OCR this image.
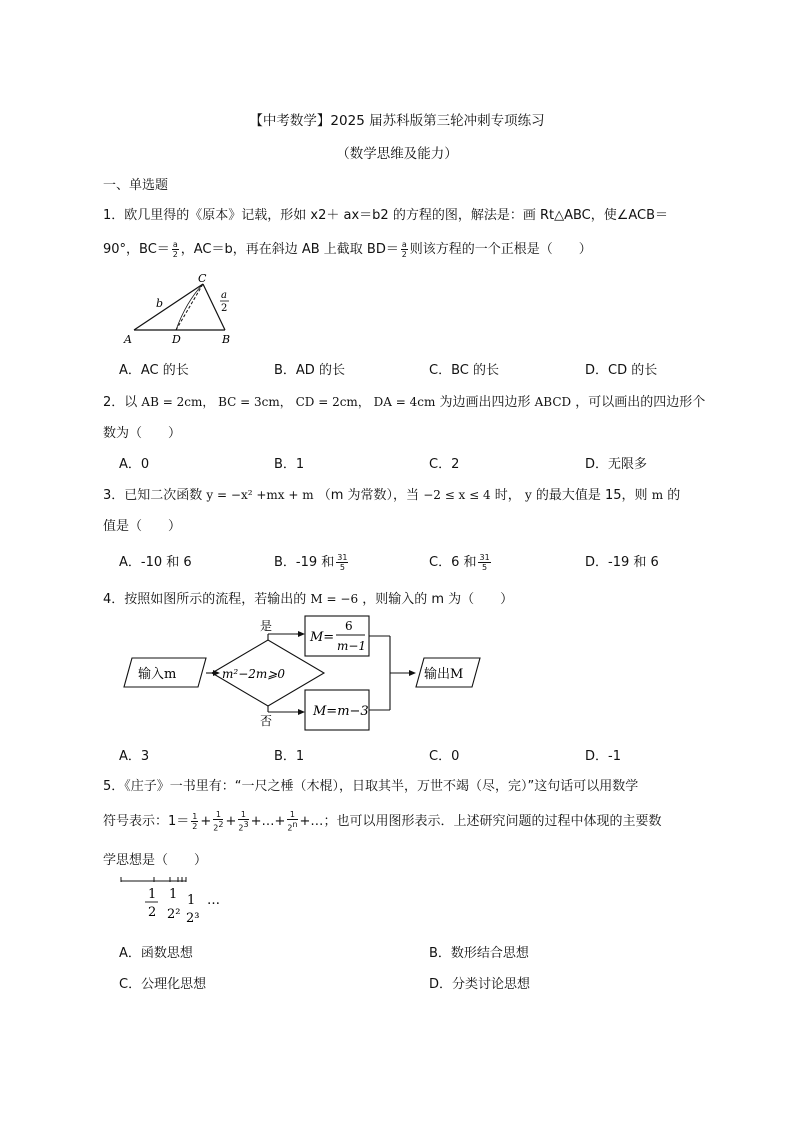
【中考数学】2025 届苏科版第三轮冲刺专项练习
（数学思维及能力）
一、单选题
1．欧几里得的《原本》记载，形如 x2＋ ax＝b2 的方程的图，解法是：画 Rt△ABC，使∠ACB＝
90°，$BC= \frac{a}{2}$ ，AC＝b，再在斜边 AB 上截取 $BD= \frac{a}{2}$ 则该方程的一个正根是（　　）
A	D	B
C
b
a
2
A．AC 的长	B．AD 的长	C．BC 的长	D．CD 的长
2．以 AB = 2cm， BC = 3cm， CD = 2cm， DA = 4cm 为边画出四边形 ABCD ，可以画出的四边形个
数为（　　）
A．0	B．1	C．2	D．无限多
3．已知二次函数 y = −x² +mx + m （m 为常数），当 −2 ≤ x ≤ 4 时， y 的最大值是 15，则 m 的
值是（　　）
A．-10 和 6	B．-19 和 $\frac{31}{5}$	C．6 和 $\frac{31}{5}$	D．-19 和 6
4．按照如图所示的流程，若输出的 M = −6 ，则输入的 m 为（　　）
输入m	m²−2m⩾0
是
M=
6
m−1
否
M=m−3
输出M
A．3	B．1	C．0	D．-1
5．《庄子》一书里有：“一尺之棰（木棍），日取其半，万世不竭（尽，完）”这句话可以用数学
符号表示：$1= \frac{1}{2} + \frac{1}{2^2} + \frac{1}{2^3}$ +…+ $\frac{1}{2^n}$ +…；也可以用图形表示．上述研究问题的过程中体现的主要数
学思想是（　　）
1
2
1
2²
1
2³
…
A．函数思想	B．数形结合思想
C．公理化思想	D．分类讨论思想
